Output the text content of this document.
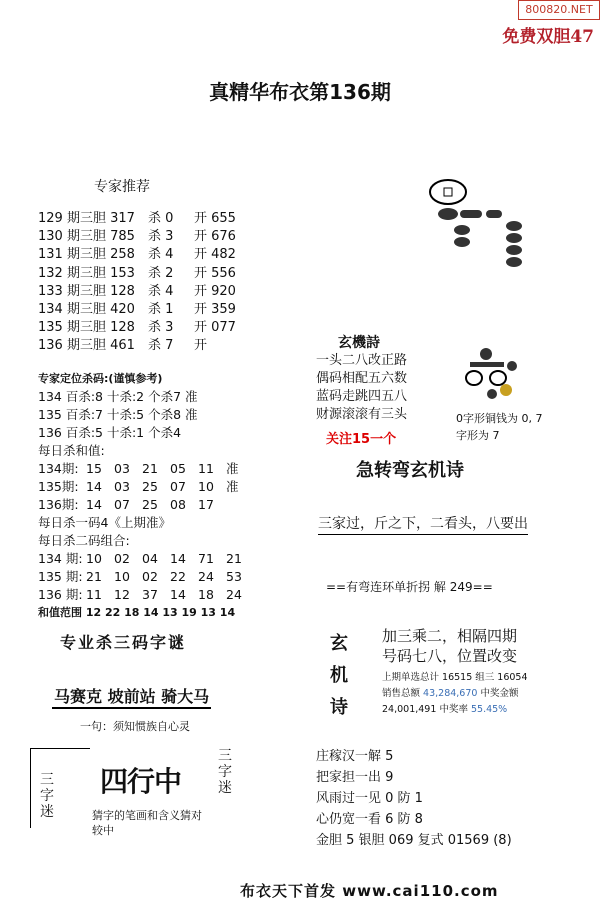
800820.NET
免费双胆47
真精华布衣第136期
专家推荐
129 期三胆 317 杀 0 开 655
130 期三胆 785 杀 3 开 676
131 期三胆 258 杀 4 开 482
132 期三胆 153 杀 2 开 556
133 期三胆 128 杀 4 开 920
134 期三胆 420 杀 1 开 359
135 期三胆 128 杀 3 开 077
136 期三胆 461 杀 7 开
专家定位杀码:(谨慎参考)
134 百杀:8 十杀:2 个杀7 准
135 百杀:7 十杀:5 个杀8 准
136 百杀:5 十杀:1 个杀4
每日杀和值:
134期: 15 03 21 05 11 准
135期: 14 03 25 07 10 准
136期: 14 07 25 08 17
每日杀一码4《上期准》
每日杀二码组合:
134 期: 10 02 04 14 71 21
135 期: 21 10 02 22 24 53
136 期: 11 12 37 14 18 24
和值范围 12 22 18 14 13 19 13 14
专业杀三码字谜
马赛克 坡前站 骑大马
一句：须知惯族自心灵
三字迷
四行中
三字迷
猜字的笔画和含义猜对较中
玄機詩
一头二八改正路
偶码相配五六数
蓝码走跳四五八
财源滚滚有三头
关注15一个
0字形铜钱为 0, 7
字形为 7
急转弯玄机诗
三家过，斤之下，二看头，八要出
==有弯连环单折拐 解 249==
玄
机
诗
加三乘二，相隔四期
号码七八，位置改变
上期单选总计 16515 组三 16054
销售总额 43,284,670 中奖金额
24,001,491 中奖率 55.45%
庄稼汉一解 5
把家担一出 9
风雨过一见 0 防 1
心仍宽一看 6 防 8
金胆 5 银胆 069 复式 01569 (8)
布衣天下首发 www.cai110.com
